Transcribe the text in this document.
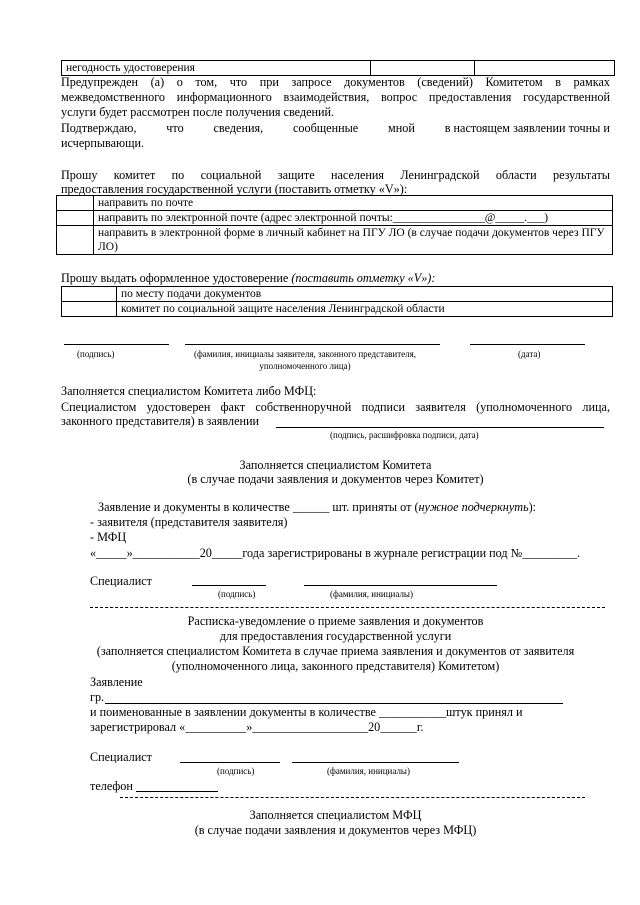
негодность удостоверения		
Предупрежден (а) о том, что при запросе документов (сведений) Комитетом в рамках
межведомственного информационного взаимодействия, вопрос предоставления государственной
услуги будет рассмотрен после получения сведений.
Подтверждаю, что сведения, сообщенные мной в настоящем заявлении точны и
исчерпывающи.
Прошу комитет по социальной защите населения Ленинградской области результаты
предоставления государственной услуги (поставить отметку «V»):
	направить по почте
	направить по электронной почте (адрес электронной почты:________________@_____.___)
	направить в электронной форме в личный кабинет на ПГУ ЛО (в случае подачи документов через ПГУ ЛО)
Прошу выдать оформленное удостоверение (поставить отметку «V»):
	по месту подачи документов
	комитет по социальной защите населения Ленинградской области
(подпись)	(фамилия, инициалы заявителя, законного представителя,
уполномоченного лица)
(дата)
Заполняется специалистом Комитета либо МФЦ:
Специалистом удостоверен факт собственноручной подписи заявителя (уполномоченного лица,
законного представителя) в заявлении
(подпись, расшифровка подписи, дата)
Заполняется специалистом Комитета
(в случае подачи заявления и документов через Комитет)
Заявление и документы в количестве ______ шт. приняты от (нужное подчеркнуть):
- заявителя (представителя заявителя)
- МФЦ
«_____»___________20_____года зарегистрированы в журнале регистрации под №_________.
Специалист
(подпись)	(фамилия, инициалы)
Расписка-уведомление о приеме заявления и документов
для предоставления государственной услуги
(заполняется специалистом Комитета в случае приема заявления и документов от заявителя
(уполномоченного лица, законного представителя) Комитетом)
Заявление
гр.
и поименованные в заявлении документы в количестве ___________штук принял и
зарегистрировал «__________»___________________20______г.
Специалист
(подпись)	(фамилия, инициалы)
телефон
Заполняется специалистом МФЦ
(в случае подачи заявления и документов через МФЦ)
